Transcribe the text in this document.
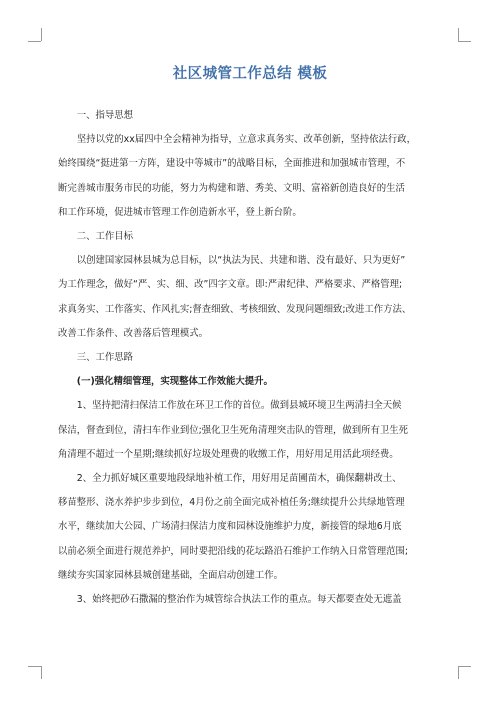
社区城管工作总结 模板

一、指导思想

坚持以党的xx届四中全会精神为指导，立意求真务实、改革创新，坚持依法行政，

始终围绕“挺进第一方阵，建设中等城市”的战略目标，全面推进和加强城市管理，不

断完善城市服务市民的功能，努力为构建和谐、秀美、文明、富裕新创造良好的生活

和工作环境，促进城市管理工作创造新水平，登上新台阶。

二、工作目标

以创建国家园林县城为总目标，以“执法为民、共建和谐、没有最好、只为更好”

为工作理念，做好“严、实、细、改”四字文章。即:严肃纪律、严格要求、严格管理;

求真务实、工作落实、作风扎实;督查细致、考核细致、发现问题细致;改进工作方法、

改善工作条件、改善落后管理模式。

三、工作思路

(一)强化精细管理，实现整体工作效能大提升。

1、坚持把清扫保洁工作放在环卫工作的首位。做到县城环境卫生两清扫全天候

保洁，督查到位，清扫车作业到位;强化卫生死角清理突击队的管理，做到所有卫生死

角清理不超过一个星期;继续抓好垃圾处理费的收缴工作，用好用足用活此项经费。

2、全力抓好城区重要地段绿地补植工作，用好用足苗圃苗木，确保翻耕改土、

移苗整形、浇水养护步步到位，4月份之前全面完成补植任务;继续提升公共绿地管理

水平，继续加大公园、广场清扫保洁力度和园林设施维护力度，新接管的绿地6月底

以前必须全面进行规范养护，同时要把沿线的花坛路沿石维护工作纳入日常管理范围;

继续夯实国家园林县城创建基础，全面启动创建工作。

3、始终把砂石撒漏的整治作为城管综合执法工作的重点。每天都要查处无遮盖
